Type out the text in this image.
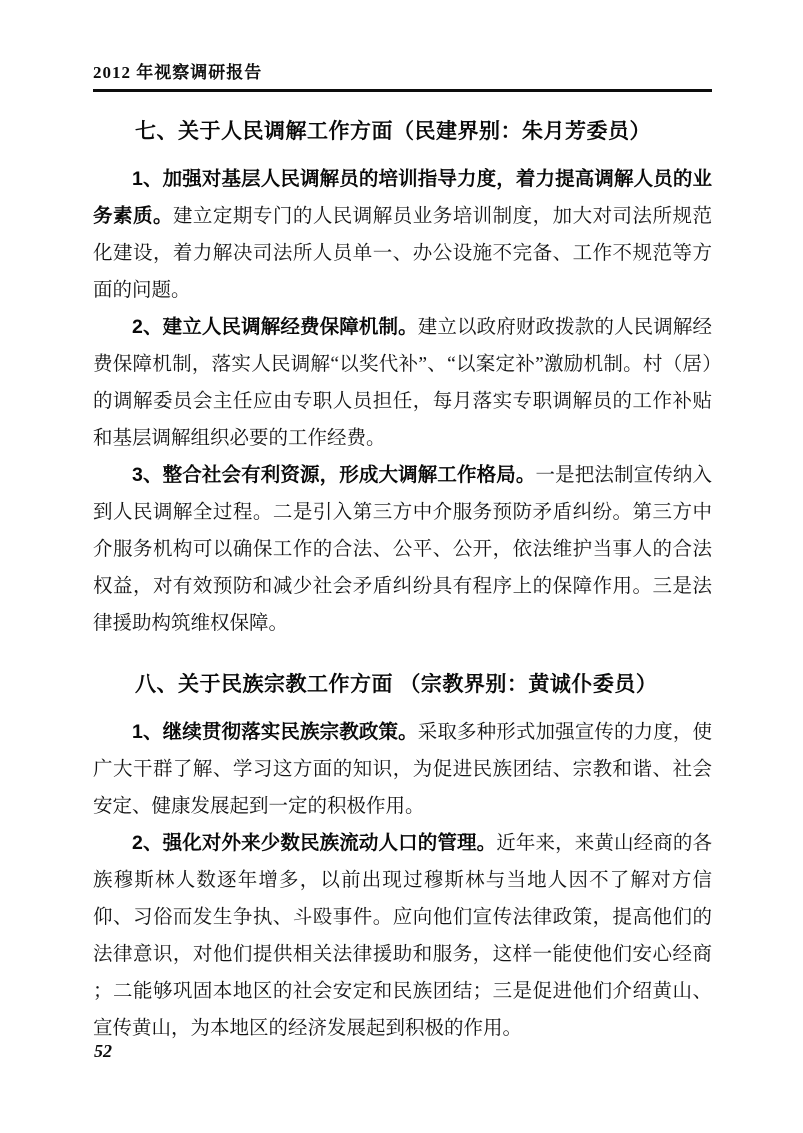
2012 年视察调研报告
七、关于人民调解工作方面（民建界别：朱月芳委员）

1、加强对基层人民调解员的培训指导力度，着力提高调解人员的业务素质。建立定期专门的人民调解员业务培训制度，加大对司法所规范化建设，着力解决司法所人员单一、办公设施不完备、工作不规范等方面的问题。

2、建立人民调解经费保障机制。建立以政府财政拨款的人民调解经费保障机制，落实人民调解“以奖代补”、“以案定补”激励机制。村（居）的调解委员会主任应由专职人员担任，每月落实专职调解员的工作补贴和基层调解组织必要的工作经费。

3、整合社会有利资源，形成大调解工作格局。一是把法制宣传纳入到人民调解全过程。二是引入第三方中介服务预防矛盾纠纷。第三方中介服务机构可以确保工作的合法、公平、公开，依法维护当事人的合法权益，对有效预防和减少社会矛盾纠纷具有程序上的保障作用。三是法律援助构筑维权保障。

八、关于民族宗教工作方面 （宗教界别：黄诚仆委员）

1、继续贯彻落实民族宗教政策。采取多种形式加强宣传的力度，使广大干群了解、学习这方面的知识，为促进民族团结、宗教和谐、社会安定、健康发展起到一定的积极作用。

2、强化对外来少数民族流动人口的管理。近年来，来黄山经商的各族穆斯林人数逐年增多，以前出现过穆斯林与当地人因不了解对方信仰、习俗而发生争执、斗殴事件。应向他们宣传法律政策，提高他们的法律意识，对他们提供相关法律援助和服务，这样一能使他们安心经商 ；二能够巩固本地区的社会安定和民族团结；三是促进他们介绍黄山、宣传黄山，为本地区的经济发展起到积极的作用。

52
